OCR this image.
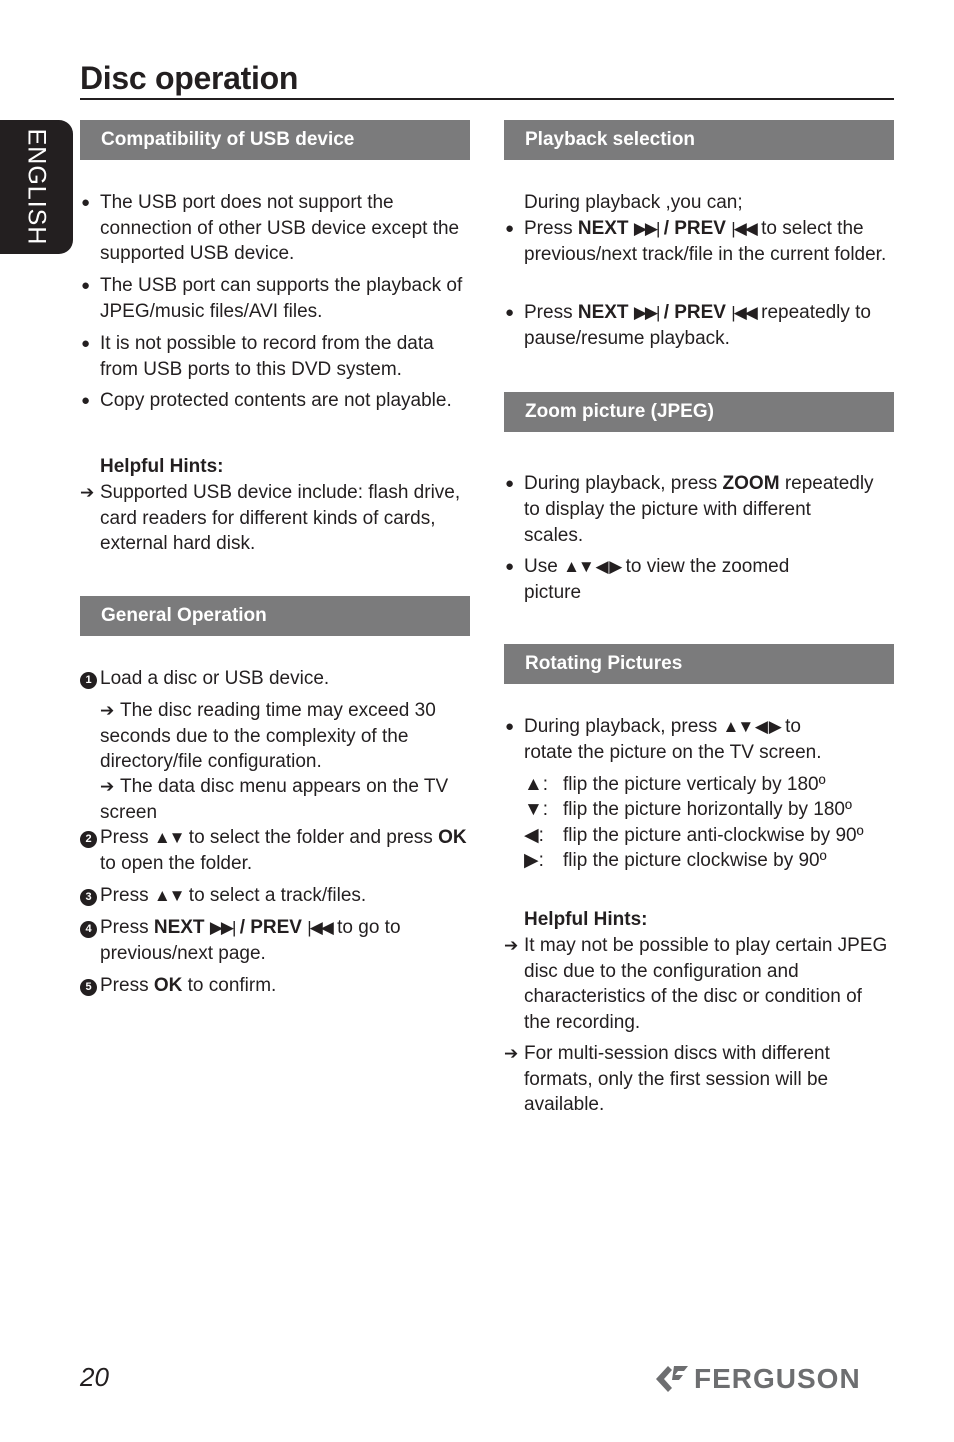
Disc operation
ENGLISH	Compatibility of USB device
● The USB port does not support the connection of other USB device except the supported USB device.

● The USB port can supports the playback of JPEG/music files/AVI files.

● It is not possible to record from the data from USB ports to this DVD system.

● Copy protected contents are not playable.

Helpful Hints:

➔ Supported USB device include: flash drive, card readers for different kinds of cards, external hard disk.

General Operation
1 Load a disc or USB device.

➔ The disc reading time may exceed 30 seconds due to the complexity of the directory/file configuration.

➔ The data disc menu appears on the TV screen

2 Press ▲▼ to select the folder and press OK to open the folder.

3 Press ▲▼ to select a track/files.

4 Press NEXT ▶▶| / PREV |◀◀ to go to

previous/next page.

5 Press OK to confirm.

Playback selection

During playback ,you can;

● Press NEXT ▶▶| / PREV |◀◀ to select the

previous/next track/file in the current folder.

● Press NEXT ▶▶| / PREV |◀◀ repeatedly to

pause/resume playback.

Zoom picture (JPEG)
● During playback, press ZOOM repeatedly

to display the picture with different scales.

● Use ▲▼ ◀ ▶ to view the zoomed

picture

Rotating Pictures
● During playback, press ▲▼ ◀ ▶ to

rotate the picture on the TV screen.

▲: flip the picture verticaly by 180º

▼: flip the picture horizontally by 180º

◀: flip the picture anti-clockwise by 90º

▶: flip the picture clockwise by 90º

Helpful Hints:

➔ It may not be possible to play certain JPEG disc due to the configuration and characteristics of the disc or condition of the recording.

➔ For multi-session discs with different formats, only the first session will be available.

20	FERGUSON
